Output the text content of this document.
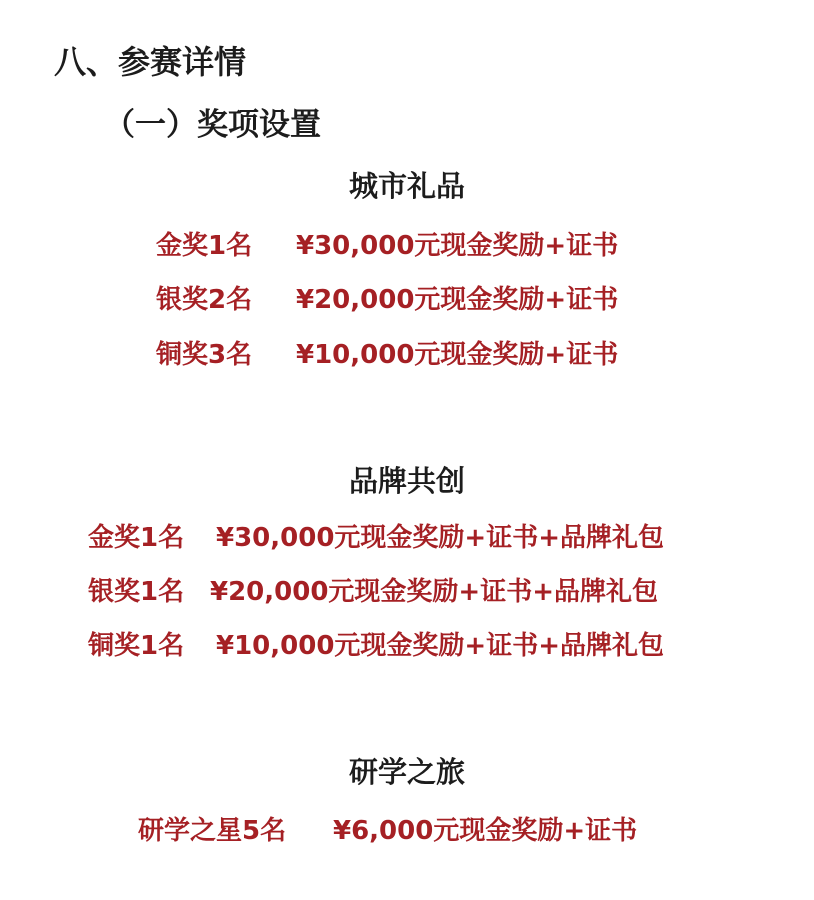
八、参赛详情
（一）奖项设置
城市礼品
金奖1名 ¥30,000元现金奖励+证书
银奖2名 ¥20,000元现金奖励+证书
铜奖3名 ¥10,000元现金奖励+证书
品牌共创
金奖1名 ¥30,000元现金奖励+证书+品牌礼包
银奖1名 ¥20,000元现金奖励+证书+品牌礼包
铜奖1名 ¥10,000元现金奖励+证书+品牌礼包
研学之旅
研学之星5名 ¥6,000元现金奖励+证书
